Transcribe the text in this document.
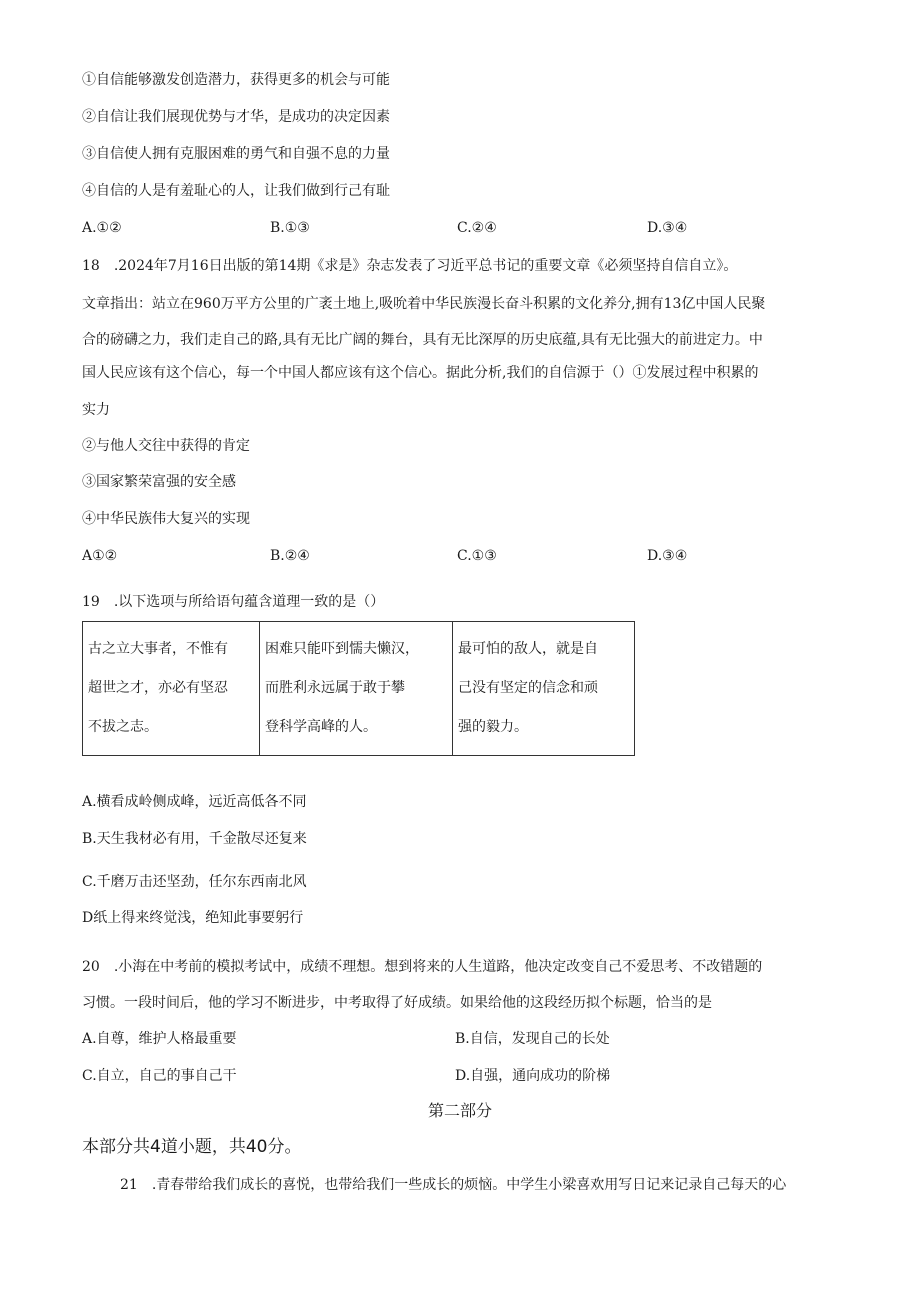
①自信能够激发创造潜力，获得更多的机会与可能
②自信让我们展现优势与才华，是成功的决定因素
③自信使人拥有克服困难的勇气和自强不息的力量
④自信的人是有羞耻心的人，让我们做到行己有耻
A.①②	B.①③	C.②④	D.③④
18　.2024年7月16日出版的第14期《求是》杂志发表了习近平总书记的重要文章《必须坚持自信自立》。
文章指出：站立在960万平方公里的广袤土地上,吸吮着中华民族漫长奋斗积累的文化养分,拥有13亿中国人民聚
合的磅礴之力，我们走自己的路,具有无比广阔的舞台，具有无比深厚的历史底蕴,具有无比强大的前进定力。中
国人民应该有这个信心，每一个中国人都应该有这个信心。据此分析,我们的自信源于（）①发展过程中积累的
实力
②与他人交往中获得的肯定
③国家繁荣富强的安全感
④中华民族伟大复兴的实现
A①②	B.②④	C.①③	D.③④
19　.以下选项与所给语句蕴含道理一致的是（）
古之立大事者，不惟有
超世之才，亦必有坚忍
不拔之志。

困难只能吓到懦夫懒汉，
而胜利永远属于敢于攀
登科学高峰的人。

最可怕的敌人，就是自
己没有坚定的信念和顽
强的毅力。
A.横看成岭侧成峰，远近高低各不同
B.天生我材必有用，千金散尽还复来
C.千磨万击还坚劲，任尔东西南北风
D纸上得来终觉浅，绝知此事要躬行
20　.小海在中考前的模拟考试中，成绩不理想。想到将来的人生道路，他决定改变自己不爱思考、不改错题的
习惯。一段时间后，他的学习不断进步，中考取得了好成绩。如果给他的这段经历拟个标题，恰当的是
A.自尊，维护人格最重要	B.自信，发现自己的长处
C.自立，自己的事自己干	D.自强，通向成功的阶梯
第二部分
本部分共4道小题，共40分。
21　.青春带给我们成长的喜悦，也带给我们一些成长的烦恼。中学生小梁喜欢用写日记来记录自己每天的心
